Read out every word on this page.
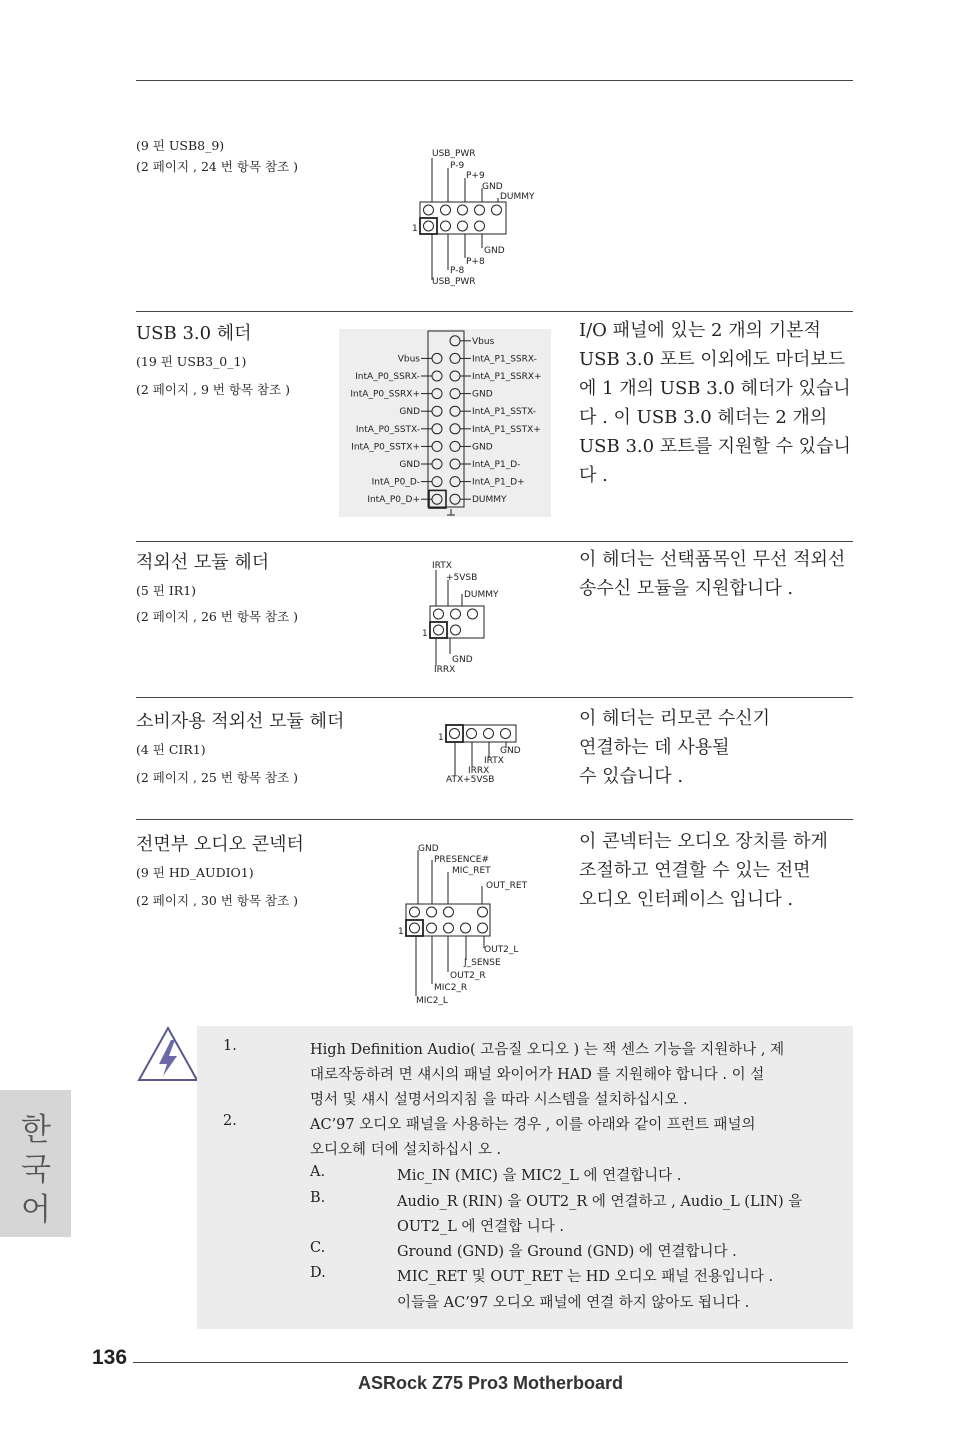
(9 핀 USB8_9)
(2 페이지 , 24 번 항목 참조 )
USB_PWR
P-9
P+9
GND
DUMMY
GND
P+8
P-8
USB_PWR
1
USB 3.0 헤더
(19 핀 USB3_0_1)
(2 페이지 , 9 번 항목 참조 )
Vbus
IntA_P1_SSRX-
Vbus
IntA_P1_SSRX+
IntA_P0_SSRX-
GND
IntA_P0_SSRX+
IntA_P1_SSTX-
GND
IntA_P1_SSTX+
IntA_P0_SSTX-
GND
IntA_P0_SSTX+
IntA_P1_D-
GND
IntA_P1_D+
IntA_P0_D-
DUMMY
IntA_P0_D+
I/O 패널에 있는 2 개의 기본적 USB 3.0 포트 이외에도 마더보드에 1 개의 USB 3.0 헤더가 있습니다 . 이 USB 3.0 헤더는 2 개의 USB 3.0 포트를 지원할 수 있습니다 .
적외선 모듈 헤더
(5 핀 IR1)
(2 페이지 , 26 번 항목 참조 )
IRTX
+5VSB
DUMMY
GND
IRRX
1
이 헤더는 선택품목인 무선 적외선 송수신 모듈을 지원합니다 .
소비자용 적외선 모듈 헤더
(4 핀 CIR1)
(2 페이지 , 25 번 항목 참조 )
GND
IRTX
IRRX
ATX+5VSB
1
이 헤더는 리모콘 수신기
연결하는 데 사용될
수 있습니다 .
전면부 오디오 콘넥터
(9 핀 HD_AUDIO1)
(2 페이지 , 30 번 항목 참조 )
GND
PRESENCE#
MIC_RET
OUT_RET
OUT2_L
J_SENSE
OUT2_R
MIC2_R
MIC2_L
1
이 콘넥터는 오디오 장치를 하게
조절하고 연결할 수 있는 전면
오디오 인터페이스 입니다 .
1.	High Definition Audio( 고음질 오디오 ) 는 잭 센스 기능을 지원하나 , 제
대로작동하려 면 섀시의 패널 와이어가 HAD 를 지원해야 합니다 . 이 설
명서 및 섀시 설명서의지침 을 따라 시스템을 설치하십시오 .
2.	AC’97 오디오 패널을 사용하는 경우 , 이를 아래와 같이 프런트 패널의
오디오헤 더에 설치하십시 오 .
A.	Mic_IN (MIC) 을 MIC2_L 에 연결합니다 .
B.	Audio_R (RIN) 을 OUT2_R 에 연결하고 , Audio_L (LIN) 을
OUT2_L 에 연결합 니다 .
C.	Ground (GND) 을 Ground (GND) 에 연결합니다 .
D.	MIC_RET 및 OUT_RET 는 HD 오디오 패널 전용입니다 .
이들을 AC’97 오디오 패널에 연결 하지 않아도 됩니다 .
한
국
어
136
ASRock Z75 Pro3 Motherboard
